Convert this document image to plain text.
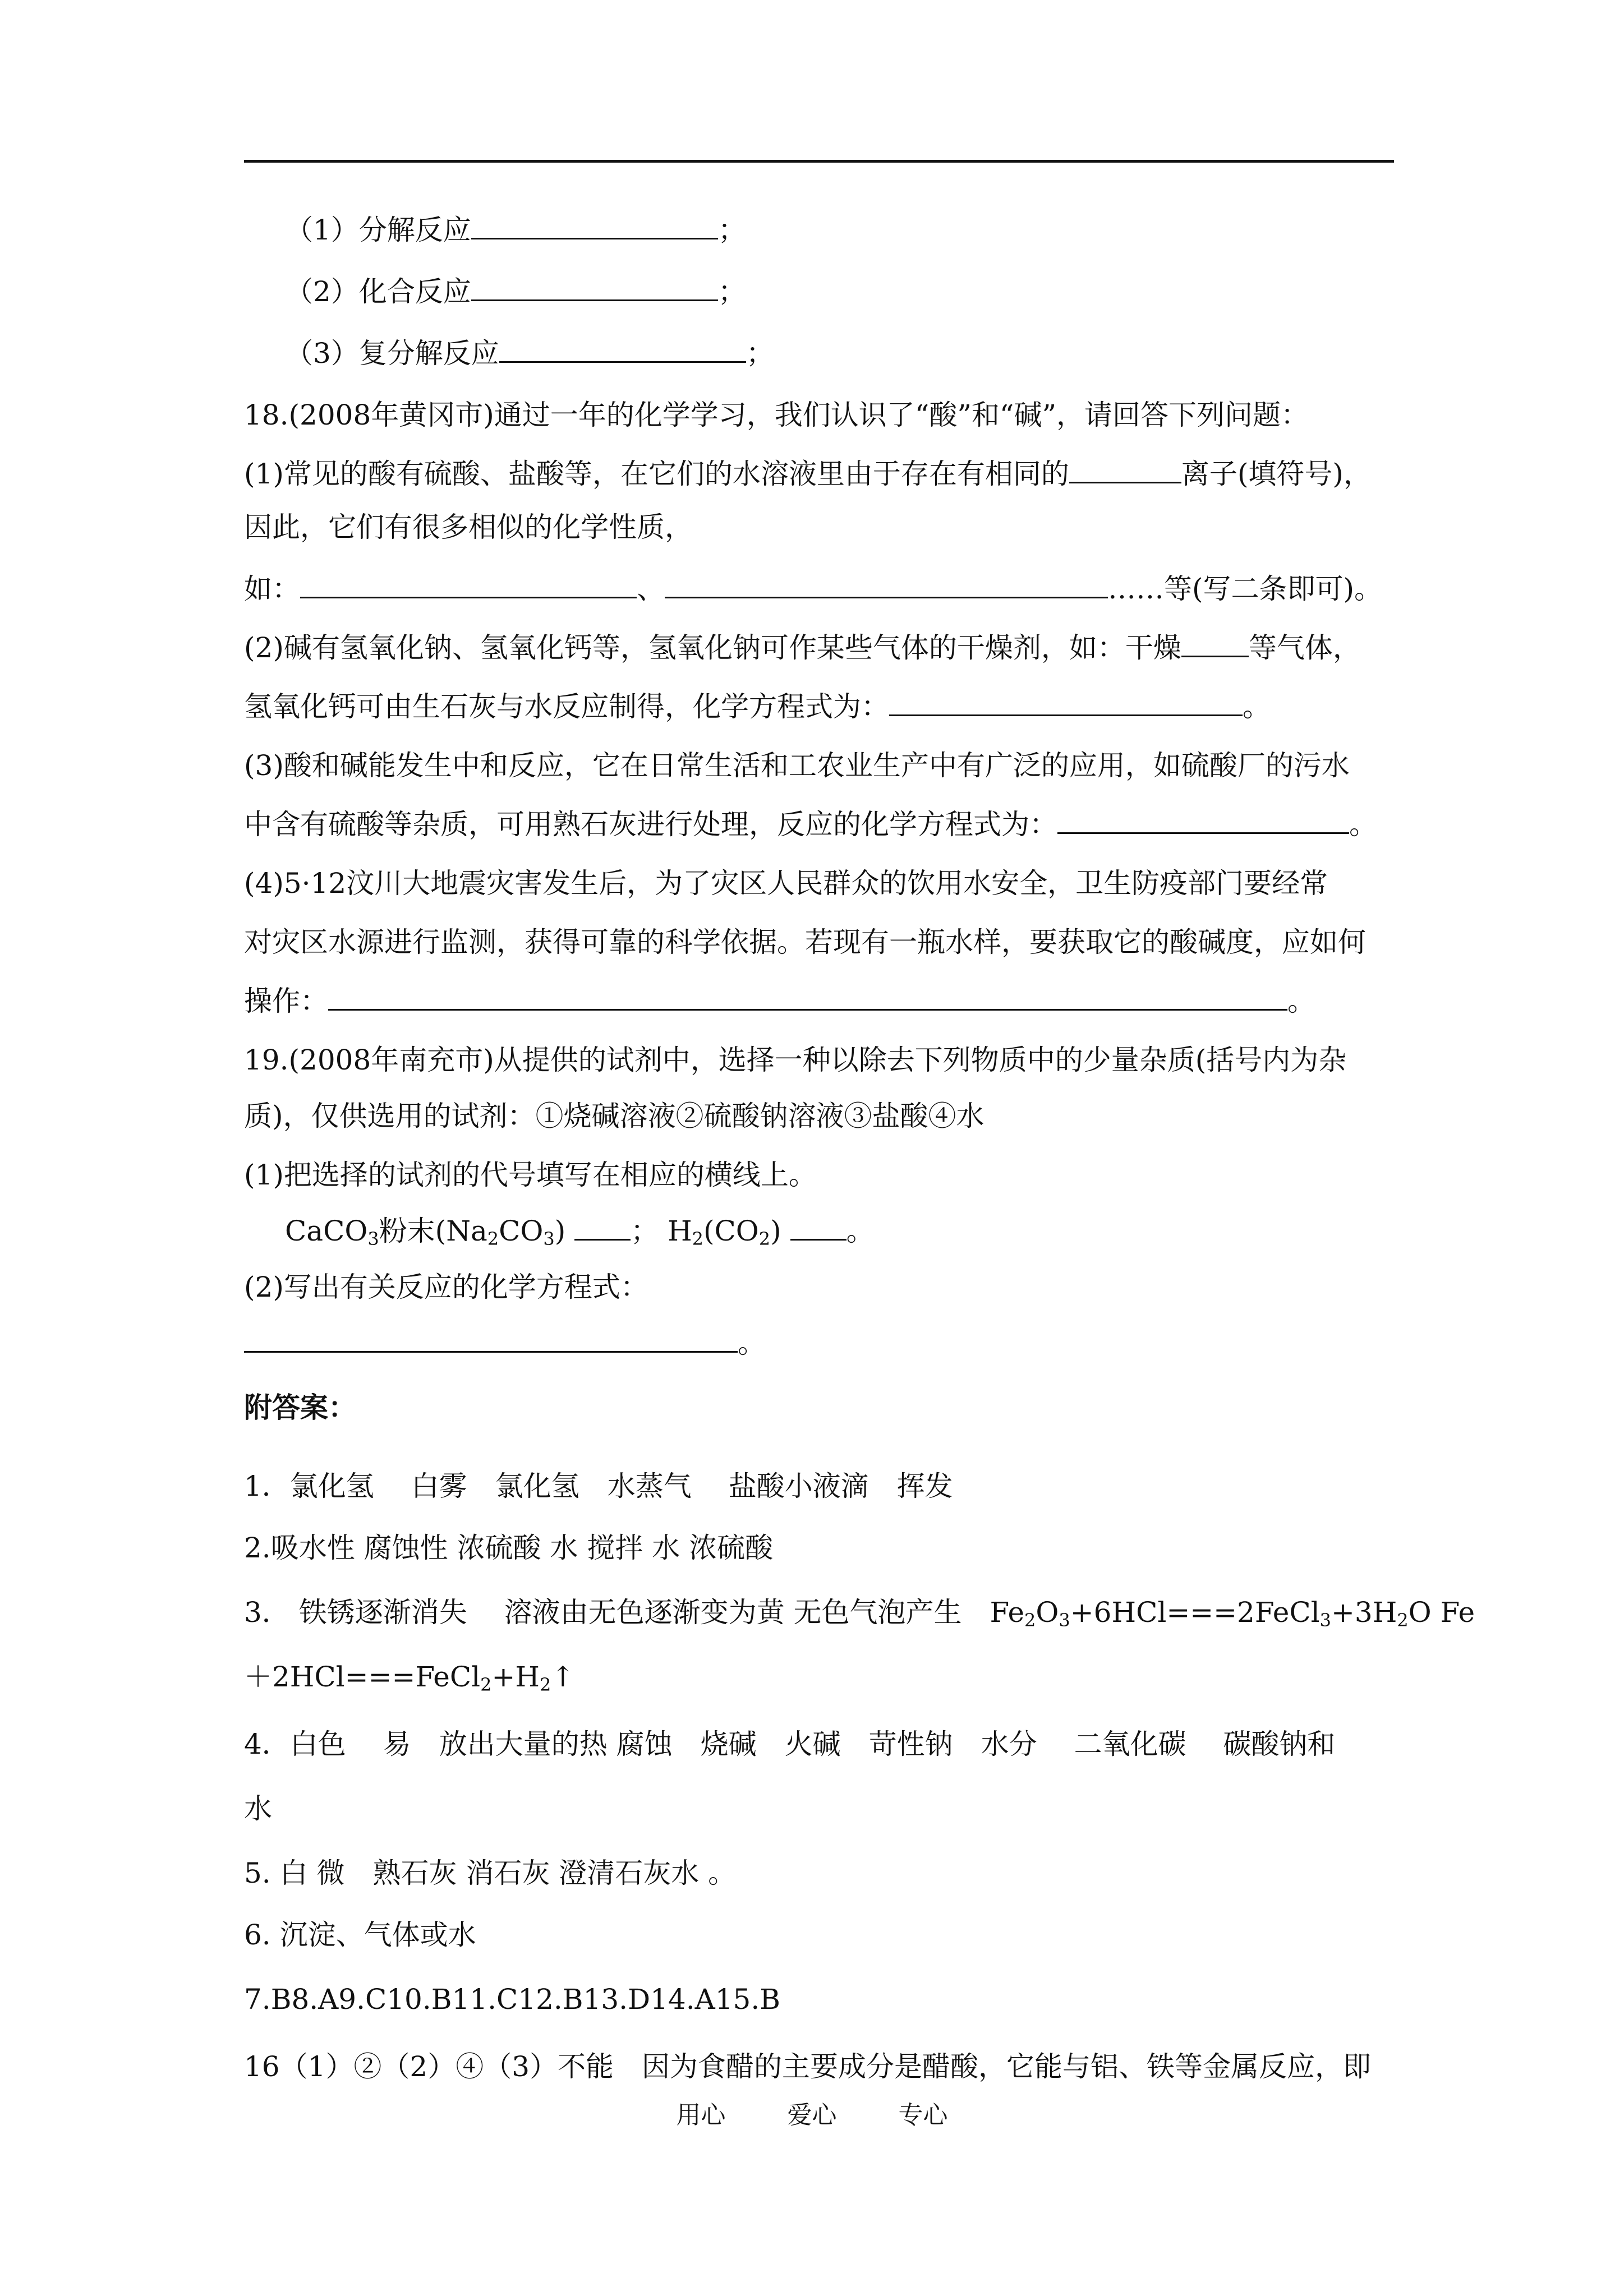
（1）分解反应	；
（2）化合反应	；
（3）复分解反应	；
18.(2008年黄冈市)通过一年的化学学习，我们认识了“酸”和“碱”，请回答下列问题：
(1)常见的酸有硫酸、盐酸等，在它们的水溶液里由于存在有相同的	离子(填符号)，
因此，它们有很多相似的化学性质，
如：	、	……等(写二条即可)。
(2)碱有氢氧化钠、氢氧化钙等，氢氧化钠可作某些气体的干燥剂，如：干燥 等气体，
氢氧化钙可由生石灰与水反应制得，化学方程式为：	。
(3)酸和碱能发生中和反应，它在日常生活和工农业生产中有广泛的应用，如硫酸厂的污水
中含有硫酸等杂质，可用熟石灰进行处理，反应的化学方程式为：	。
(4)5·12汶川大地震灾害发生后，为了灾区人民群众的饮用水安全，卫生防疫部门要经常
对灾区水源进行监测，获得可靠的科学依据。若现有一瓶水样，要获取它的酸碱度，应如何
操作：	。
19.(2008年南充市)从提供的试剂中，选择一种以除去下列物质中的少量杂质(括号内为杂
质)，仅供选用的试剂：①烧碱溶液②硫酸钠溶液③盐酸④水
(1)把选择的试剂的代号填写在相应的横线上。
CaCO$_3$粉末$(Na_2CO_3)$ ； $H_2(CO_2)$ 。
(2)写出有关反应的化学方程式：
。
附答案：
1．氯化氢　 白雾　氯化氢　水蒸气　 盐酸小液滴　挥发
2.吸水性 腐蚀性 浓硫酸 水 搅拌 水 浓硫酸
3． 铁锈逐渐消失　 溶液由无色逐渐变为黄 无色气泡产生　$Fe_2O_3+6HCl===2FeCl_3+3H_2O$ Fe
$+2HCl===FeCl_2+H_2↑$
4．白色　 易　放出大量的热 腐蚀　烧碱　火碱　苛性钠　水分　 二氧化碳　 碳酸钠和
水
5. 白 微　熟石灰 消石灰 澄清石灰水 。
6. 沉淀、气体或水
7.B8.A9.C10.B11.C12.B13.D14.A15.B
16（1）②（2）④（3）不能　因为食醋的主要成分是醋酸，它能与铝、铁等金属反应，即
用心	爱心	专心
